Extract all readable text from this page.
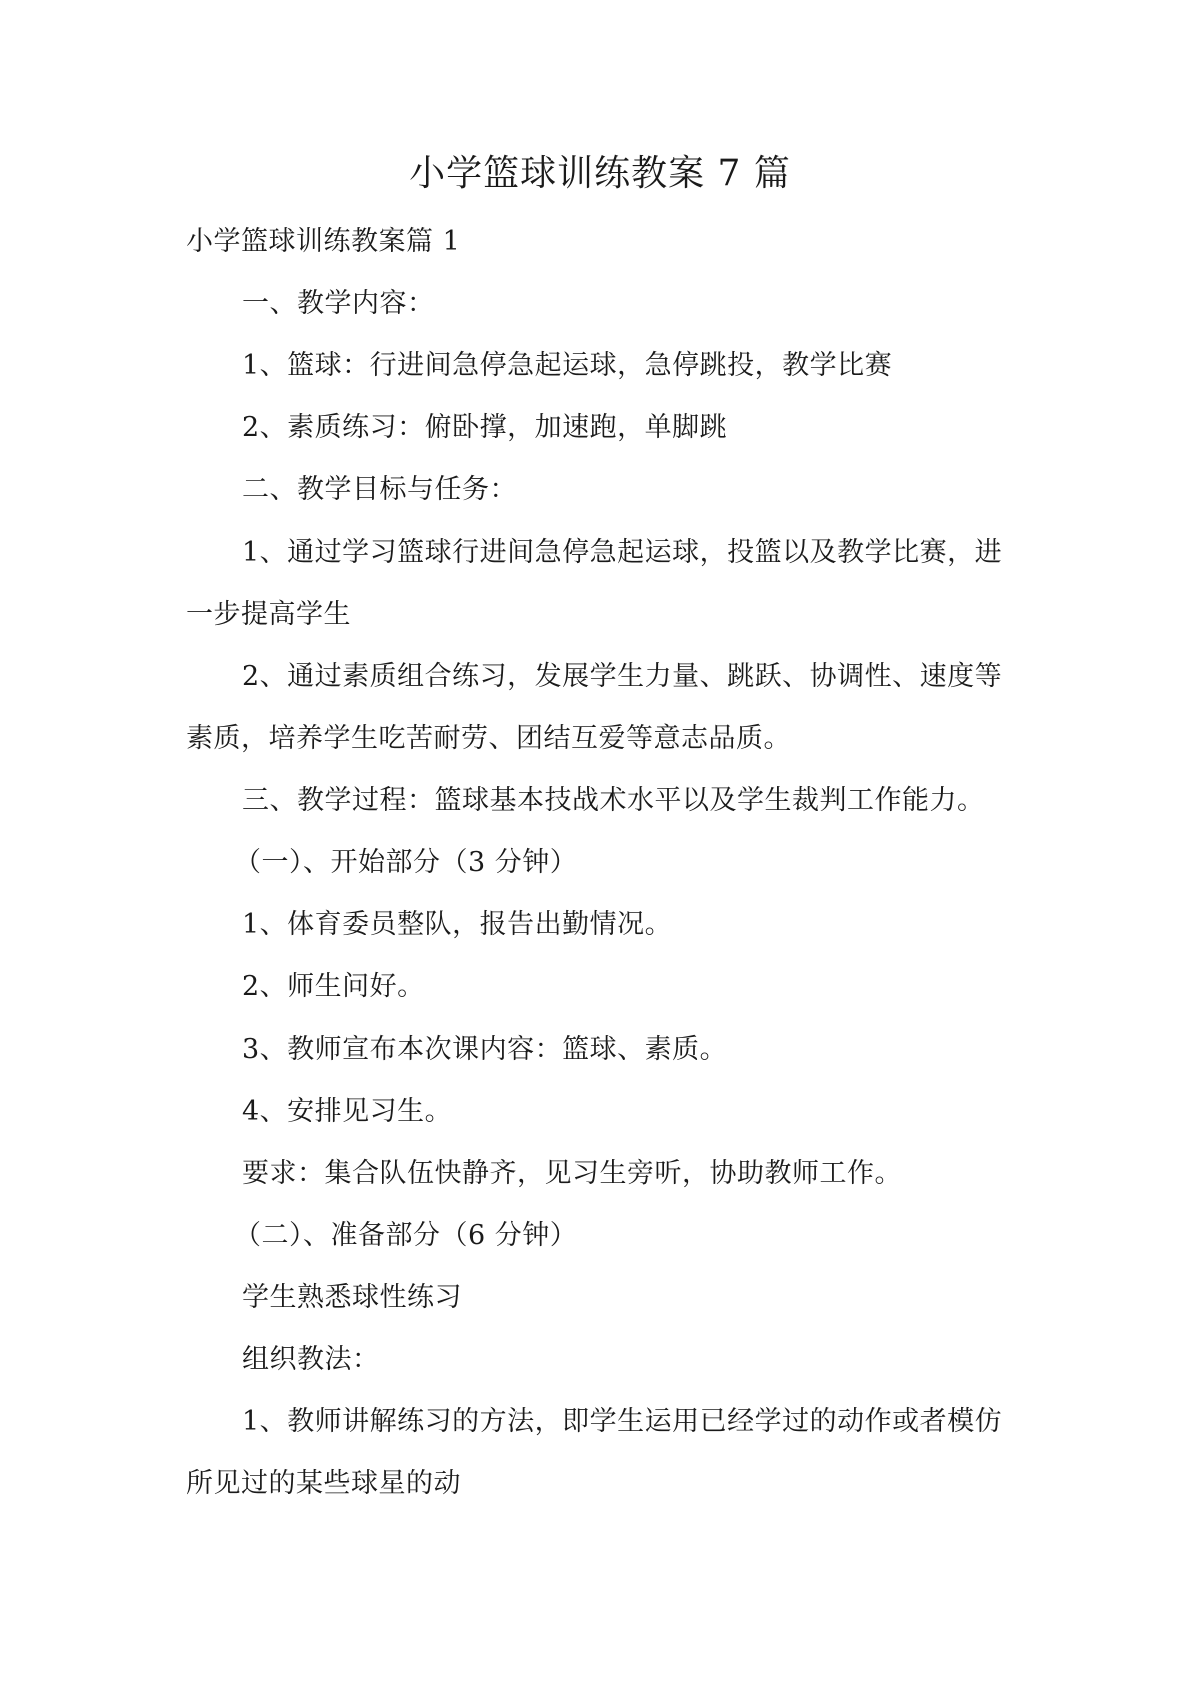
小学篮球训练教案 7 篇
小学篮球训练教案篇 1
一、教学内容：
1、篮球：行进间急停急起运球，急停跳投，教学比赛
2、素质练习：俯卧撑，加速跑，单脚跳
二、教学目标与任务：
1、通过学习篮球行进间急停急起运球，投篮以及教学比赛，进
一步提高学生
2、通过素质组合练习，发展学生力量、跳跃、协调性、速度等
素质，培养学生吃苦耐劳、团结互爱等意志品质。
三、教学过程：篮球基本技战术水平以及学生裁判工作能力。
（一）、开始部分（3 分钟）
1、体育委员整队，报告出勤情况。
2、师生问好。
3、教师宣布本次课内容：篮球、素质。
4、安排见习生。
要求：集合队伍快静齐，见习生旁听，协助教师工作。
（二）、准备部分（6 分钟）
学生熟悉球性练习
组织教法：
1、教师讲解练习的方法，即学生运用已经学过的动作或者模仿
所见过的某些球星的动
